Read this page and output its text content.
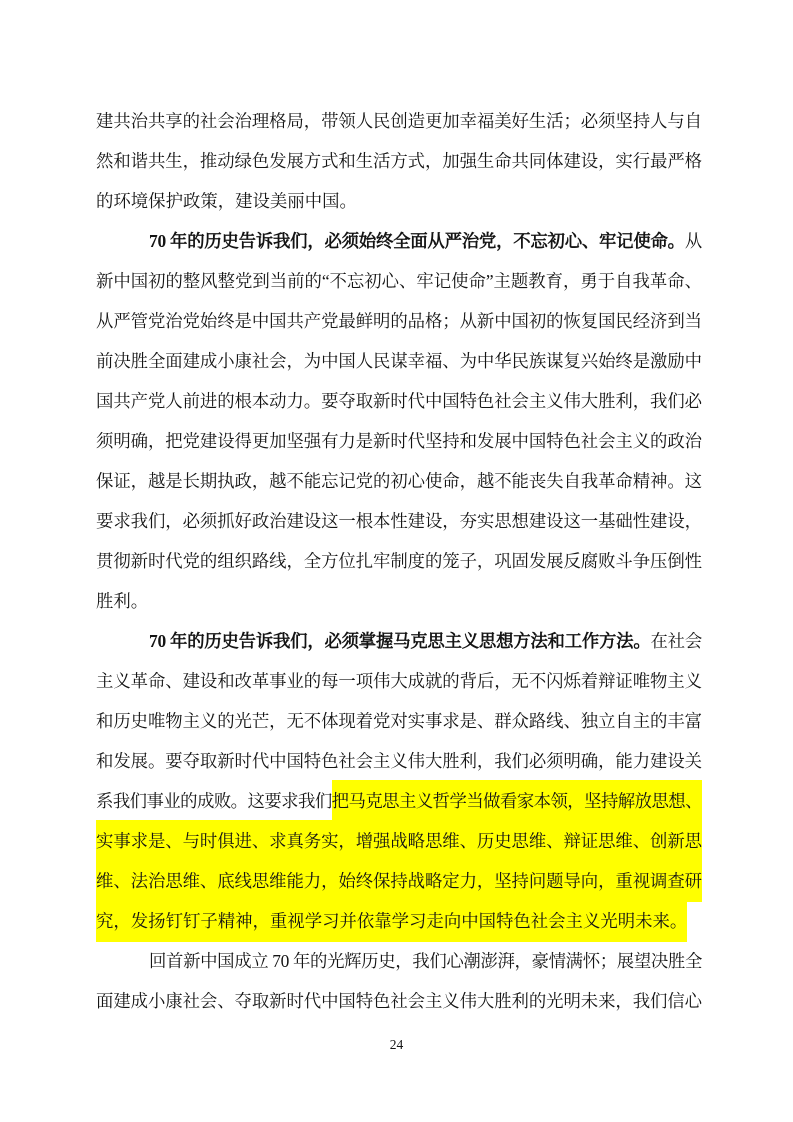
建共治共享的社会治理格局，带领人民创造更加幸福美好生活；必须坚持人与自
然和谐共生，推动绿色发展方式和生活方式，加强生命共同体建设，实行最严格
的环境保护政策，建设美丽中国。
70 年的历史告诉我们，必须始终全面从严治党，不忘初心、牢记使命。从
新中国初的整风整党到当前的“不忘初心、牢记使命”主题教育，勇于自我革命、
从严管党治党始终是中国共产党最鲜明的品格；从新中国初的恢复国民经济到当
前决胜全面建成小康社会，为中国人民谋幸福、为中华民族谋复兴始终是激励中
国共产党人前进的根本动力。要夺取新时代中国特色社会主义伟大胜利，我们必
须明确，把党建设得更加坚强有力是新时代坚持和发展中国特色社会主义的政治
保证，越是长期执政，越不能忘记党的初心使命，越不能丧失自我革命精神。这
要求我们，必须抓好政治建设这一根本性建设，夯实思想建设这一基础性建设，
贯彻新时代党的组织路线，全方位扎牢制度的笼子，巩固发展反腐败斗争压倒性
胜利。
70 年的历史告诉我们，必须掌握马克思主义思想方法和工作方法。在社会
主义革命、建设和改革事业的每一项伟大成就的背后，无不闪烁着辩证唯物主义
和历史唯物主义的光芒，无不体现着党对实事求是、群众路线、独立自主的丰富
和发展。要夺取新时代中国特色社会主义伟大胜利，我们必须明确，能力建设关
系我们事业的成败。这要求我们把马克思主义哲学当做看家本领，坚持解放思想、
实事求是、与时俱进、求真务实，增强战略思维、历史思维、辩证思维、创新思
维、法治思维、底线思维能力，始终保持战略定力，坚持问题导向，重视调查研
究，发扬钉钉子精神，重视学习并依靠学习走向中国特色社会主义光明未来。
回首新中国成立 70 年的光辉历史，我们心潮澎湃，豪情满怀；展望决胜全
面建成小康社会、夺取新时代中国特色社会主义伟大胜利的光明未来，我们信心
24
